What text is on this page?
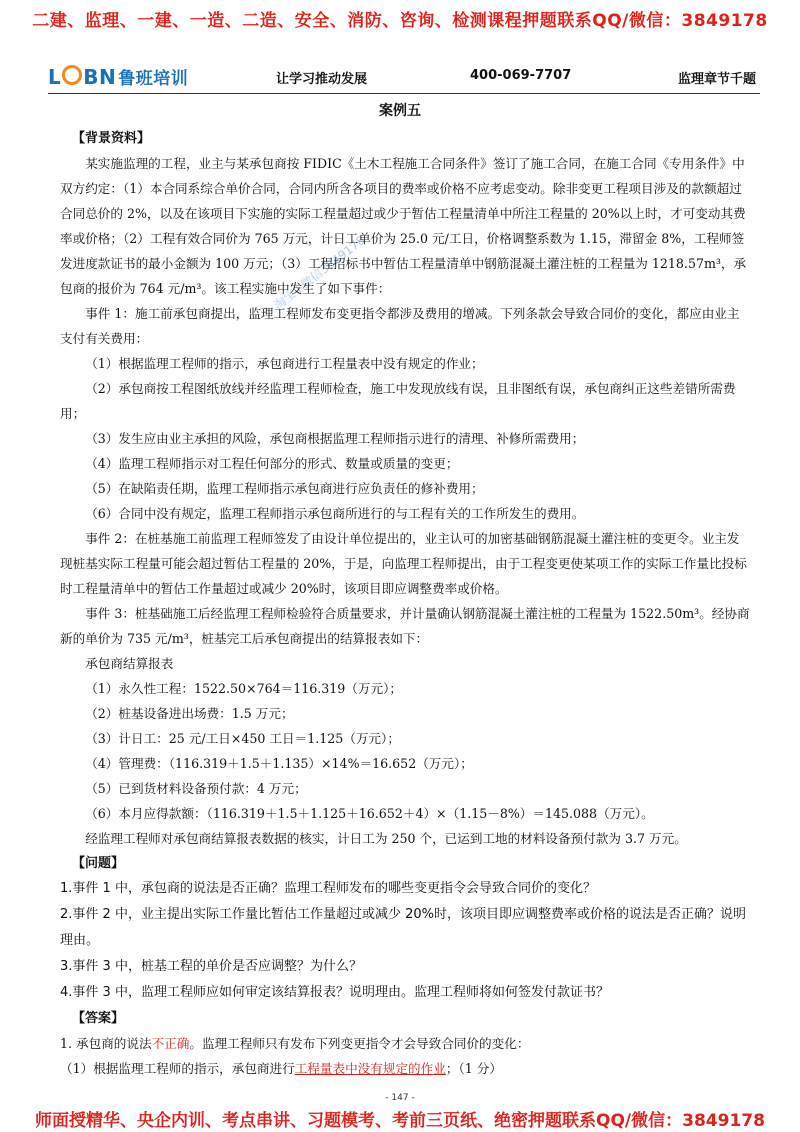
二建、监理、一建、一造、二造、安全、消防、咨询、检测课程押题联系QQ/微信：3849178
L BN 鲁班培训	让学习推动发展	400-069-7707	监理章节千题
案例五
淘宝+微信3849178

【背景资料】

某实施监理的工程，业主与某承包商按 FIDIC《土木工程施工合同条件》签订了施工合同，在施工合同《专用条件》中双方约定：（1）本合同系综合单价合同，合同内所含各项目的费率或价格不应考虑变动。除非变更工程项目涉及的款额超过合同总价的 2%，以及在该项目下实施的实际工程量超过或少于暂估工程量清单中所注工程量的 20%以上时，才可变动其费率或价格；（2）工程有效合同价为 765 万元，计日工单价为 25.0 元/工日，价格调整系数为 1.15，滞留金 8%，工程师签发进度款证书的最小金额为 100 万元；（3）工程招标书中暂估工程量清单中钢筋混凝土灌注桩的工程量为 1218.57m³，承包商的报价为 764 元/m³。该工程实施中发生了如下事件：

事件 1：施工前承包商提出，监理工程师发布变更指令都涉及费用的增减。下列条款会导致合同价的变化，都应由业主支付有关费用：

（1）根据监理工程师的指示，承包商进行工程量表中没有规定的作业；

（2）承包商按工程图纸放线并经监理工程师检查，施工中发现放线有误，且非图纸有误，承包商纠正这些差错所需费用；

（3）发生应由业主承担的风险，承包商根据监理工程师指示进行的清理、补修所需费用；

（4）监理工程师指示对工程任何部分的形式、数量或质量的变更；

（5）在缺陷责任期，监理工程师指示承包商进行应负责任的修补费用；

（6）合同中没有规定，监理工程师指示承包商所进行的与工程有关的工作所发生的费用。

事件 2：在桩基施工前监理工程师签发了由设计单位提出的，业主认可的加密基础钢筋混凝土灌注桩的变更令。业主发现桩基实际工程量可能会超过暂估工程量的 20%，于是，向监理工程师提出，由于工程变更使某项工作的实际工作量比投标时工程量清单中的暂估工作量超过或减少 20%时，该项目即应调整费率或价格。

事件 3：桩基础施工后经监理工程师检验符合质量要求，并计量确认钢筋混凝土灌注桩的工程量为 1522.50m³。经协商新的单价为 735 元/m³，桩基完工后承包商提出的结算报表如下：

承包商结算报表

（1）永久性工程：1522.50×764＝116.319（万元）；

（2）桩基设备进出场费：1.5 万元；

（3）计日工：25 元/工日×450 工日＝1.125（万元）；

（4）管理费：（116.319＋1.5＋1.135）×14%＝16.652（万元）；

（5）已到货材料设备预付款：4 万元；

（6）本月应得款额：（116.319＋1.5＋1.125＋16.652＋4）×（1.15－8%）＝145.088（万元）。

经监理工程师对承包商结算报表数据的核实，计日工为 250 个，已运到工地的材料设备预付款为 3.7 万元。

【问题】

1.事件 1 中，承包商的说法是否正确？监理工程师发布的哪些变更指令会导致合同价的变化？

2.事件 2 中，业主提出实际工作量比暂估工作量超过或减少 20%时，该项目即应调整费率或价格的说法是否正确？说明理由。

3.事件 3 中，桩基工程的单价是否应调整？为什么？

4.事件 3 中，监理工程师应如何审定该结算报表？说明理由。监理工程师将如何签发付款证书？

【答案】

1. 承包商的说法不正确。监理工程师只有发布下列变更指令才会导致合同价的变化：

（1）根据监理工程师的指示，承包商进行工程量表中没有规定的作业；（1 分）

- 147 -
师面授精华、央企内训、考点串讲、习题模考、考前三页纸、绝密押题联系QQ/微信：3849178
